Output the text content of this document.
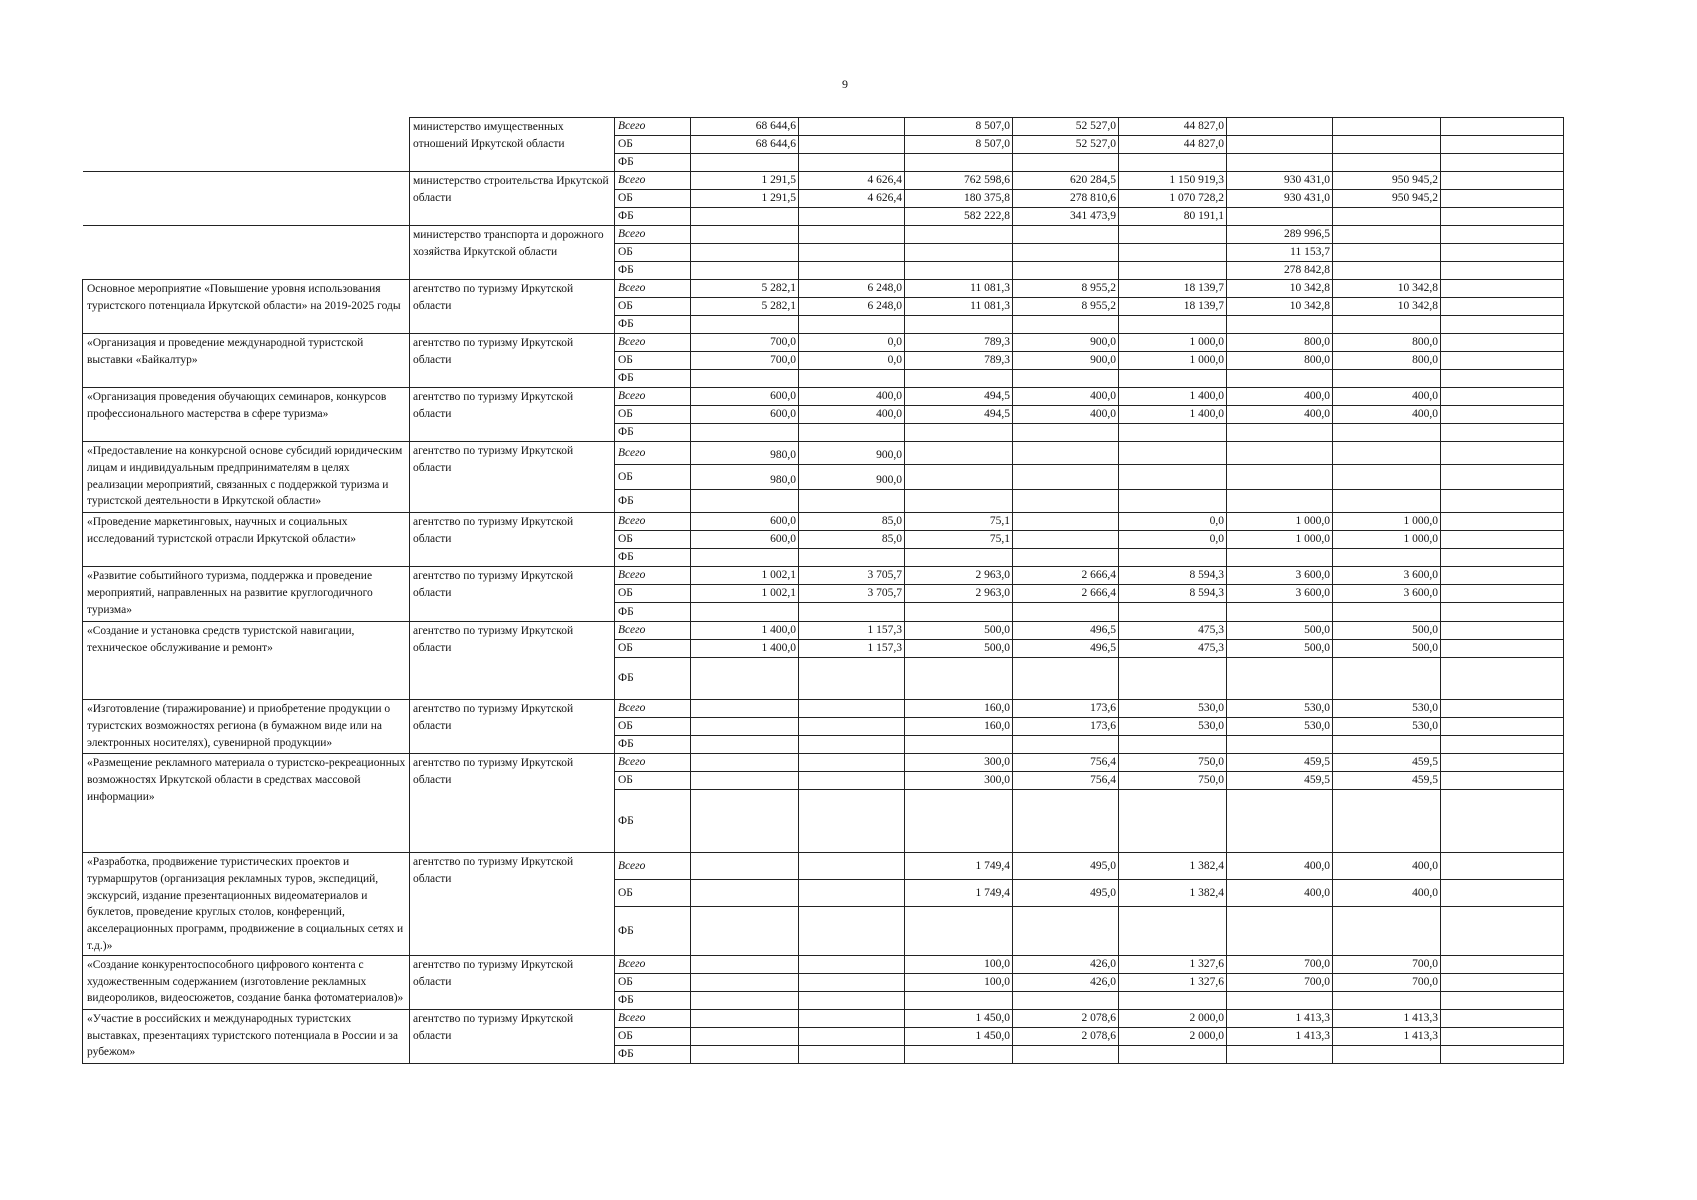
9
	министерство имущественных отношений Иркутской области	Всего	68 644,6		8 507,0	52 527,0	44 827,0			
		ОБ	68 644,6		8 507,0	52 527,0	44 827,0			
		ФБ								
	министерство строительства Иркутской области	Всего	1 291,5	4 626,4	762 598,6	620 284,5	1 150 919,3	930 431,0	950 945,2	
		ОБ	1 291,5	4 626,4	180 375,8	278 810,6	1 070 728,2	930 431,0	950 945,2	
		ФБ			582 222,8	341 473,9	80 191,1			
	министерство транспорта и дорожного хозяйства Иркутской области	Всего						289 996,5		
		ОБ						11 153,7		
		ФБ						278 842,8		
Основное мероприятие «Повышение уровня использования туристского потенциала Иркутской области» на 2019-2025 годы	агентство по туризму Иркутской области	Всего	5 282,1	6 248,0	11 081,3	8 955,2	18 139,7	10 342,8	10 342,8	
		ОБ	5 282,1	6 248,0	11 081,3	8 955,2	18 139,7	10 342,8	10 342,8	
		ФБ								
«Организация и проведение международной туристской выставки «Байкалтур»	агентство по туризму Иркутской области	Всего	700,0	0,0	789,3	900,0	1 000,0	800,0	800,0	
		ОБ	700,0	0,0	789,3	900,0	1 000,0	800,0	800,0	
		ФБ								
«Организация проведения обучающих семинаров, конкурсов профессионального мастерства в сфере туризма»	агентство по туризму Иркутской области	Всего	600,0	400,0	494,5	400,0	1 400,0	400,0	400,0	
		ОБ	600,0	400,0	494,5	400,0	1 400,0	400,0	400,0	
		ФБ								
«Предоставление на конкурсной основе субсидий юридическим лицам и индивидуальным предпринимателям в целях реализации мероприятий, связанных с поддержкой туризма и туристской деятельности в Иркутской области»	агентство по туризму Иркутской области	Всего	980,0	900,0						
		ОБ	980,0	900,0						
		ФБ								
«Проведение маркетинговых, научных и социальных исследований туристской отрасли Иркутской области»	агентство по туризму Иркутской области	Всего	600,0	85,0	75,1		0,0	1 000,0	1 000,0	
		ОБ	600,0	85,0	75,1		0,0	1 000,0	1 000,0	
		ФБ								
«Развитие событийного туризма, поддержка и проведение мероприятий, направленных на развитие круглогодичного туризма»	агентство по туризму Иркутской области	Всего	1 002,1	3 705,7	2 963,0	2 666,4	8 594,3	3 600,0	3 600,0	
		ОБ	1 002,1	3 705,7	2 963,0	2 666,4	8 594,3	3 600,0	3 600,0	
		ФБ								
«Создание и установка средств туристской навигации, техническое обслуживание и ремонт»	агентство по туризму Иркутской области	Всего	1 400,0	1 157,3	500,0	496,5	475,3	500,0	500,0	
		ОБ	1 400,0	1 157,3	500,0	496,5	475,3	500,0	500,0	
		ФБ								
«Изготовление (тиражирование) и приобретение продукции о туристских возможностях региона (в бумажном виде или на электронных носителях), сувенирной продукции»	агентство по туризму Иркутской области	Всего			160,0	173,6	530,0	530,0	530,0	
		ОБ			160,0	173,6	530,0	530,0	530,0	
		ФБ								
«Размещение рекламного материала о туристско-рекреационных возможностях Иркутской области в средствах массовой информации»	агентство по туризму Иркутской области	Всего			300,0	756,4	750,0	459,5	459,5	
		ОБ			300,0	756,4	750,0	459,5	459,5	
		ФБ								
«Разработка, продвижение туристических проектов и турмаршрутов (организация рекламных туров, экспедиций, экскурсий, издание презентационных видеоматериалов и буклетов, проведение круглых столов, конференций, акселерационных программ, продвижение в социальных сетях и т.д.)»	агентство по туризму Иркутской области	Всего			1 749,4	495,0	1 382,4	400,0	400,0	
		ОБ			1 749,4	495,0	1 382,4	400,0	400,0	
		ФБ								
«Создание конкурентоспособного цифрового контента с художественным содержанием (изготовление рекламных видеороликов, видеосюжетов, создание банка фотоматериалов)»	агентство по туризму Иркутской области	Всего			100,0	426,0	1 327,6	700,0	700,0	
		ОБ			100,0	426,0	1 327,6	700,0	700,0	
		ФБ								
«Участие в российских и международных туристских выставках, презентациях туристского потенциала в России и за рубежом»	агентство по туризму Иркутской области	Всего			1 450,0	2 078,6	2 000,0	1 413,3	1 413,3	
		ОБ			1 450,0	2 078,6	2 000,0	1 413,3	1 413,3	
		ФБ								
